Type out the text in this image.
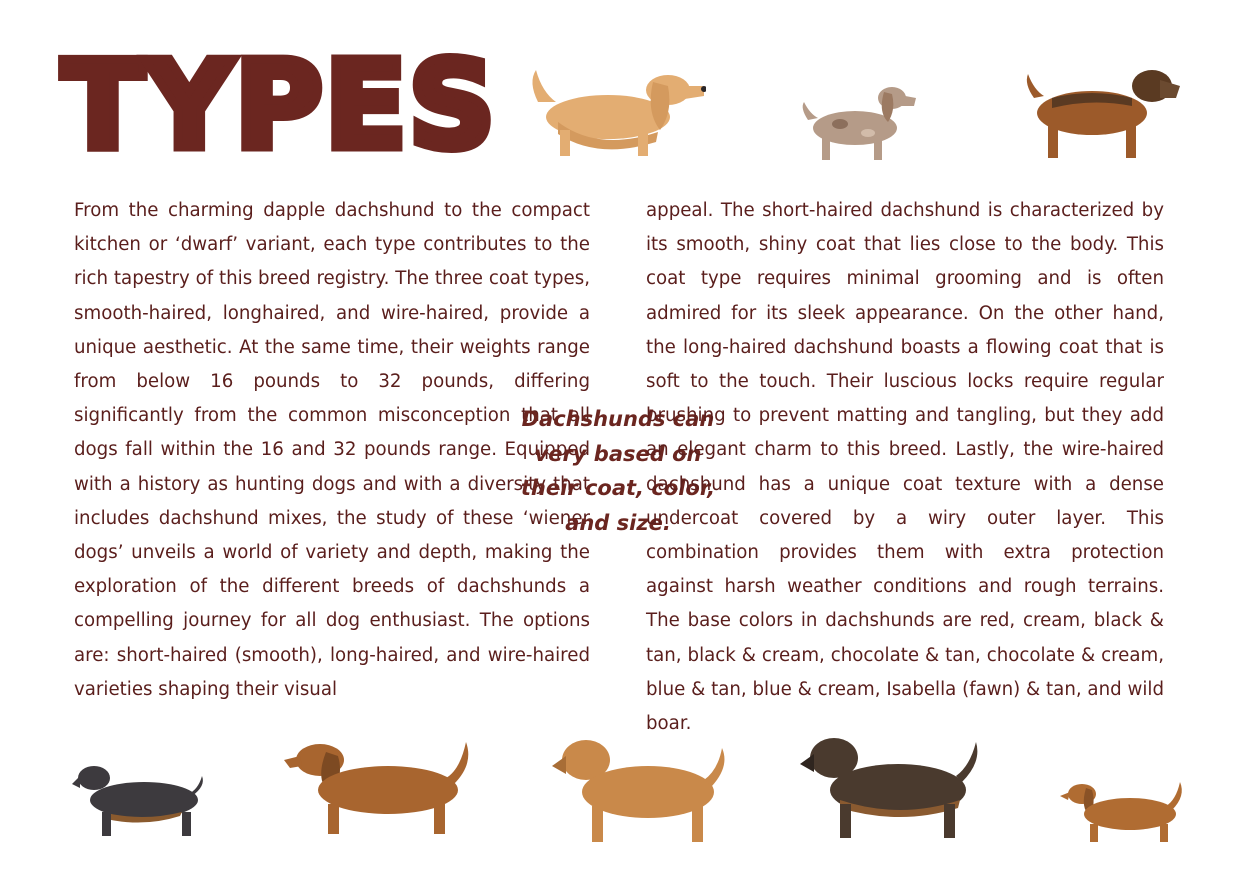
TYPES

From the charming dapple dachshund to the compact kitchen or ‘dwarf’ variant, each type contributes to the rich tapestry of this breed registry. The three coat types, smooth-haired, longhaired, and wire-haired, provide a unique aesthetic. At the same time, their weights range from below 16 pounds to 32 pounds, differing significantly from the common misconception that all dogs fall within the 16 and 32 pounds range. Equipped with a history as hunting dogs and with a diversity that includes dachshund mixes, the study of these ‘wiener dogs’ unveils a world of variety and depth, making the exploration of the different breeds of dachshunds a compelling journey for all dog enthusiast. The options are: short-haired (smooth), long-haired, and wire-haired varieties shaping their visual

Dachshunds can very based on their coat, color, and size.

appeal. The short-haired dachshund is characterized by its smooth, shiny coat that lies close to the body. This coat type requires minimal grooming and is often admired for its sleek appearance. On the other hand, the long-haired dachshund boasts a flowing coat that is soft to the touch. Their luscious locks require regular brushing to prevent matting and tangling, but they add an elegant charm to this breed. Lastly, the wire-haired dachshund has a unique coat texture with a dense undercoat covered by a wiry outer layer. This combination provides them with extra protection against harsh weather conditions and rough terrains. The base colors in dachshunds are red, cream, black & tan, black & cream, chocolate & tan, chocolate & cream, blue & tan, blue & cream, Isabella (fawn) & tan, and wild boar.
